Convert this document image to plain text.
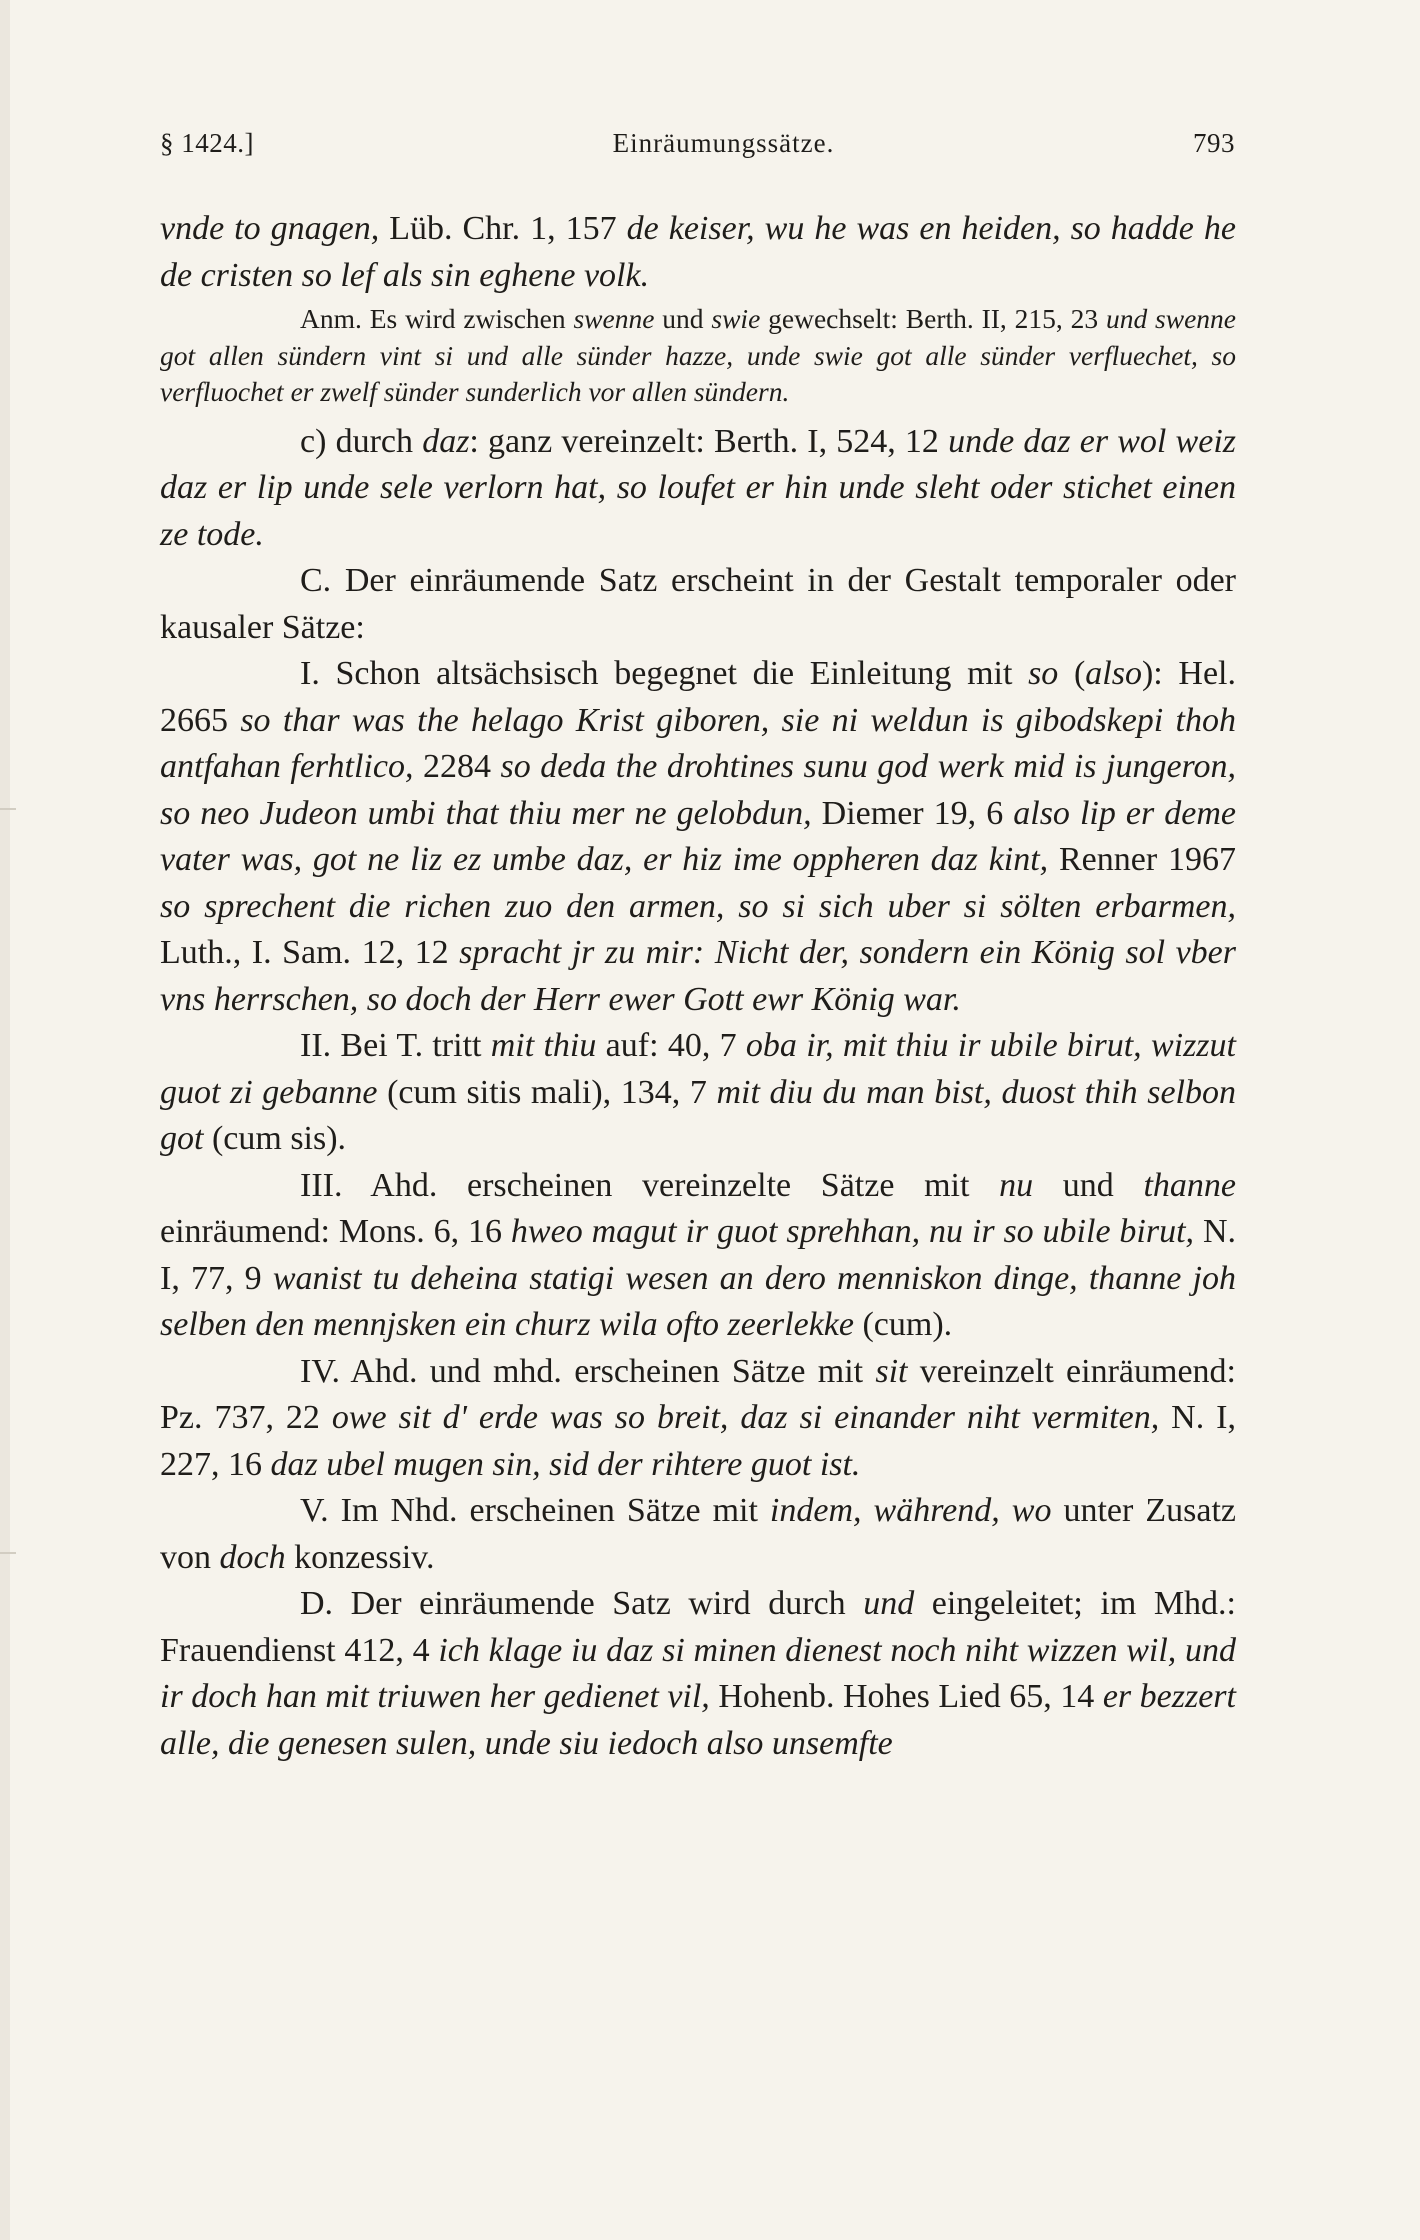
§ 1424.]	Einräumungssätze.	793

vnde to gnagen, Lüb. Chr. 1, 157 de keiser, wu he was en heiden, so hadde he de cristen so lef als sin eghene volk.

Anm. Es wird zwischen swenne und swie gewechselt: Berth. II, 215, 23 und swenne got allen sündern vint si und alle sünder hazze, unde swie got alle sünder verfluechet, so verfluochet er zwelf sünder sunderlich vor allen sündern.

c) durch daz: ganz vereinzelt: Berth. I, 524, 12 unde daz er wol weiz daz er lip unde sele verlorn hat, so loufet er hin unde sleht oder stichet einen ze tode.

C. Der einräumende Satz erscheint in der Gestalt temporaler oder kausaler Sätze:

I. Schon altsächsisch begegnet die Einleitung mit so (also): Hel. 2665 so thar was the helago Krist giboren, sie ni weldun is gibodskepi thoh antfahan ferhtlico, 2284 so deda the drohtines sunu god werk mid is jungeron, so neo Judeon umbi that thiu mer ne gelobdun, Diemer 19, 6 also lip er deme vater was, got ne liz ez umbe daz, er hiz ime oppheren daz kint, Renner 1967 so sprechent die richen zuo den armen, so si sich uber si sölten erbarmen, Luth., I. Sam. 12, 12 spracht jr zu mir: Nicht der, sondern ein König sol vber vns herrschen, so doch der Herr ewer Gott ewr König war.

II. Bei T. tritt mit thiu auf: 40, 7 oba ir, mit thiu ir ubile birut, wizzut guot zi gebanne (cum sitis mali), 134, 7 mit diu du man bist, duost thih selbon got (cum sis).

III. Ahd. erscheinen vereinzelte Sätze mit nu und thanne einräumend: Mons. 6, 16 hweo magut ir guot sprehhan, nu ir so ubile birut, N. I, 77, 9 wanist tu deheina statigi wesen an dero menniskon dinge, thanne joh selben den mennjsken ein churz wila ofto zeerlekke (cum).

IV. Ahd. und mhd. erscheinen Sätze mit sit vereinzelt einräumend: Pz. 737, 22 owe sit d' erde was so breit, daz si einander niht vermiten, N. I, 227, 16 daz ubel mugen sin, sid der rihtere guot ist.

V. Im Nhd. erscheinen Sätze mit indem, während, wo unter Zusatz von doch konzessiv.

D. Der einräumende Satz wird durch und eingeleitet; im Mhd.: Frauendienst 412, 4 ich klage iu daz si minen dienest noch niht wizzen wil, und ir doch han mit triuwen her gedienet vil, Hohenb. Hohes Lied 65, 14 er bezzert alle, die genesen sulen, unde siu iedoch also unsemfte
